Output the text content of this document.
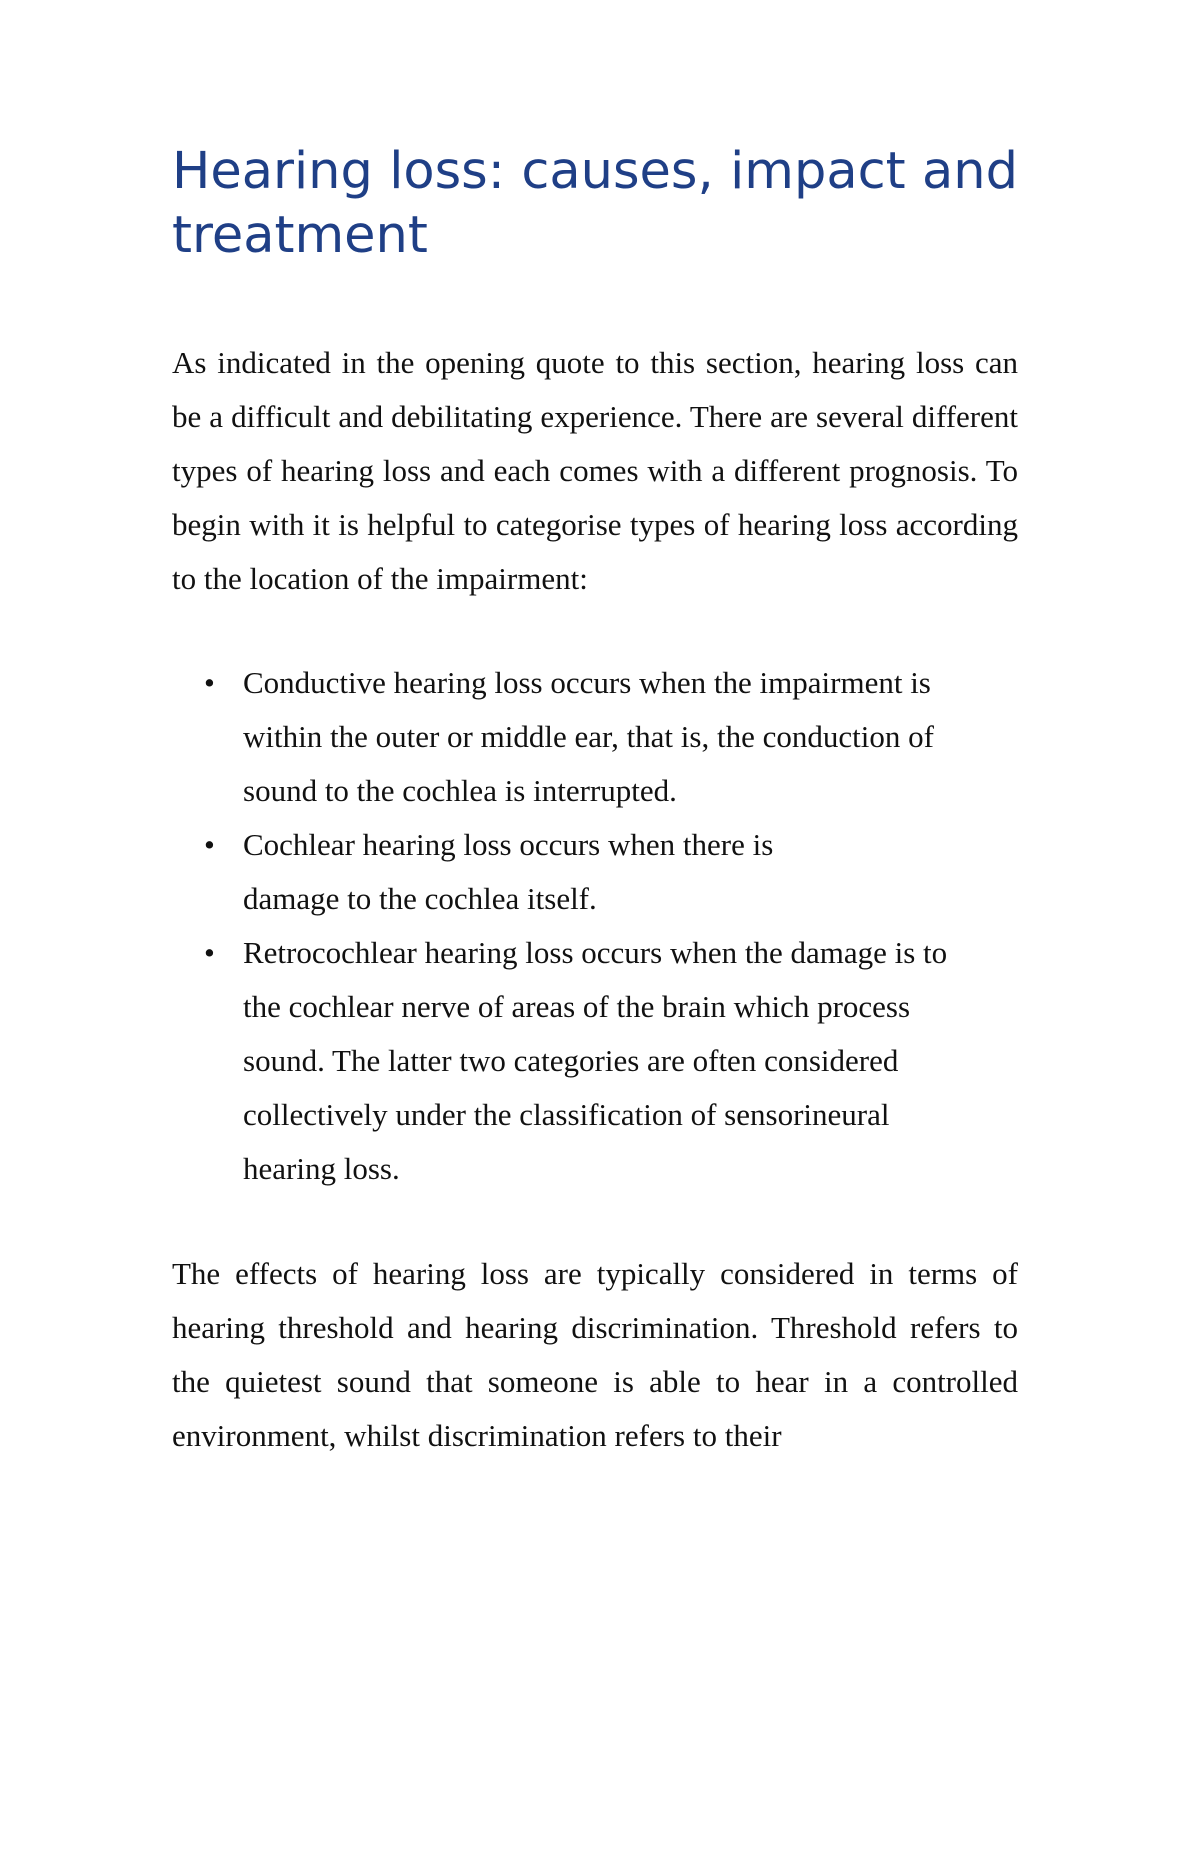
Hearing loss: causes, impact and treatment

As indicated in the opening quote to this section, hearing loss can be a difficult and debilitating experience. There are several different types of hearing loss and each comes with a different prognosis. To begin with it is helpful to categorise types of hearing loss according to the location of the impairment:

• Conductive hearing loss occurs when the impairment is within the outer or middle ear, that is, the conduction of sound to the cochlea is interrupted.
• Cochlear hearing loss occurs when there is damage to the cochlea itself.
• Retrocochlear hearing loss occurs when the damage is to the cochlear nerve of areas of the brain which process sound. The latter two categories are often considered collectively under the classification of sensorineural hearing loss.

The effects of hearing loss are typically considered in terms of hearing threshold and hearing discrimination. Threshold refers to the quietest sound that someone is able to hear in a controlled environment, whilst discrimination refers to their
